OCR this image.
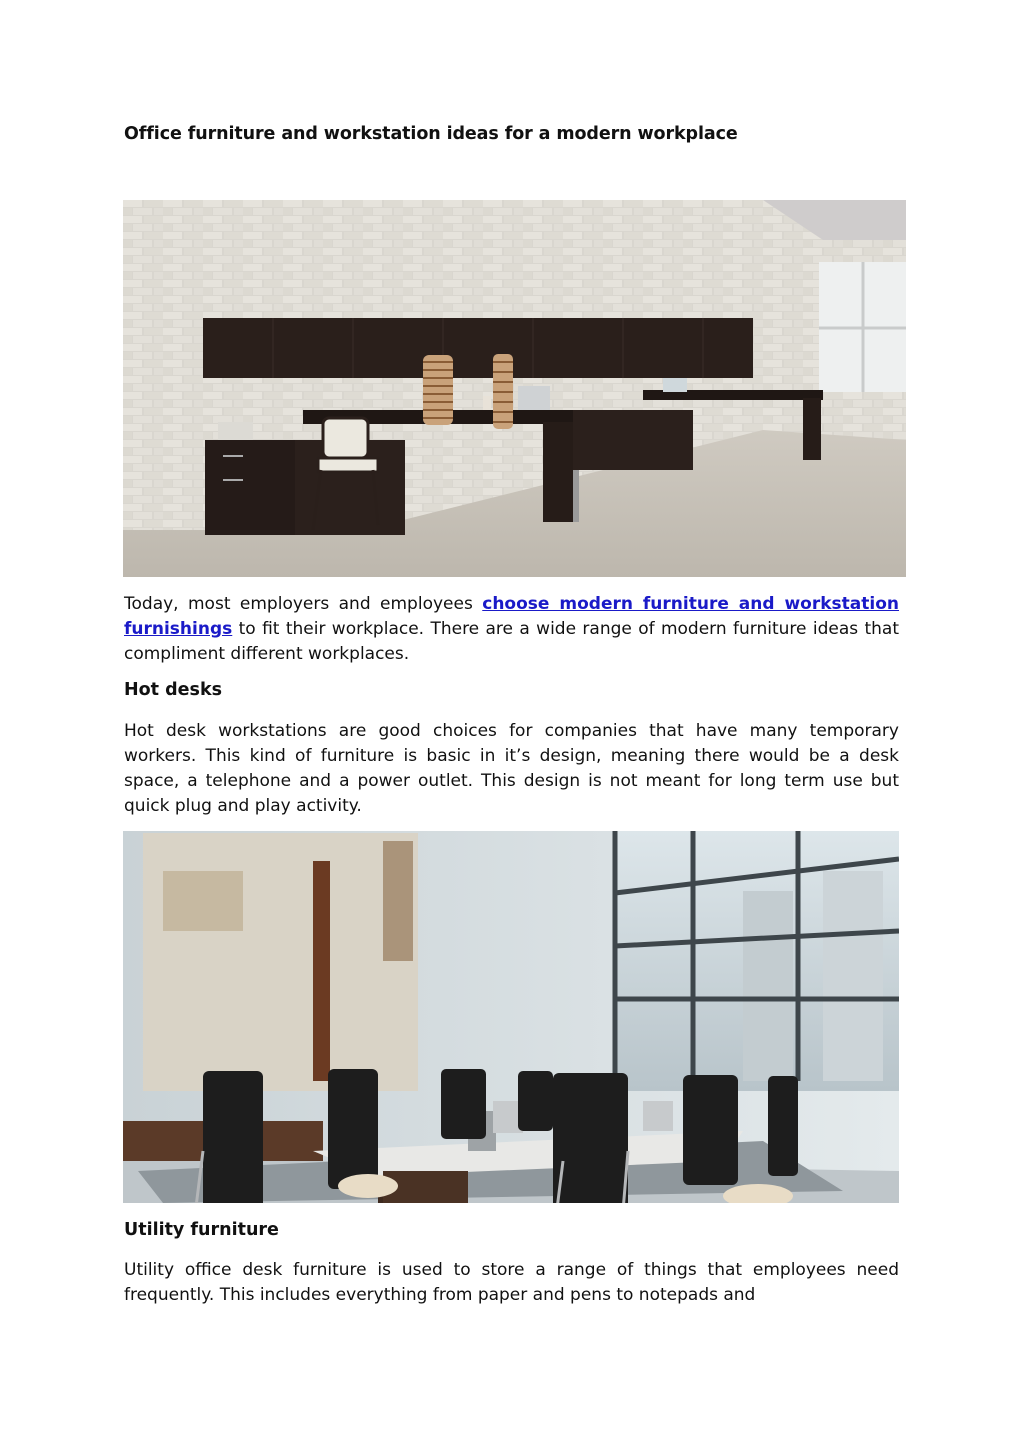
Office furniture and workstation ideas for a modern workplace

Today, most employers and employees choose modern furniture and workstation furnishings to fit their workplace. There are a wide range of modern furniture ideas that compliment different workplaces.

Hot desks

Hot desk workstations are good choices for companies that have many temporary workers. This kind of furniture is basic in it’s design, meaning there would be a desk space, a telephone and a power outlet. This design is not meant for long term use but quick plug and play activity.

Utility furniture

Utility office desk furniture is used to store a range of things that employees need frequently. This includes everything from paper and pens to notepads and
